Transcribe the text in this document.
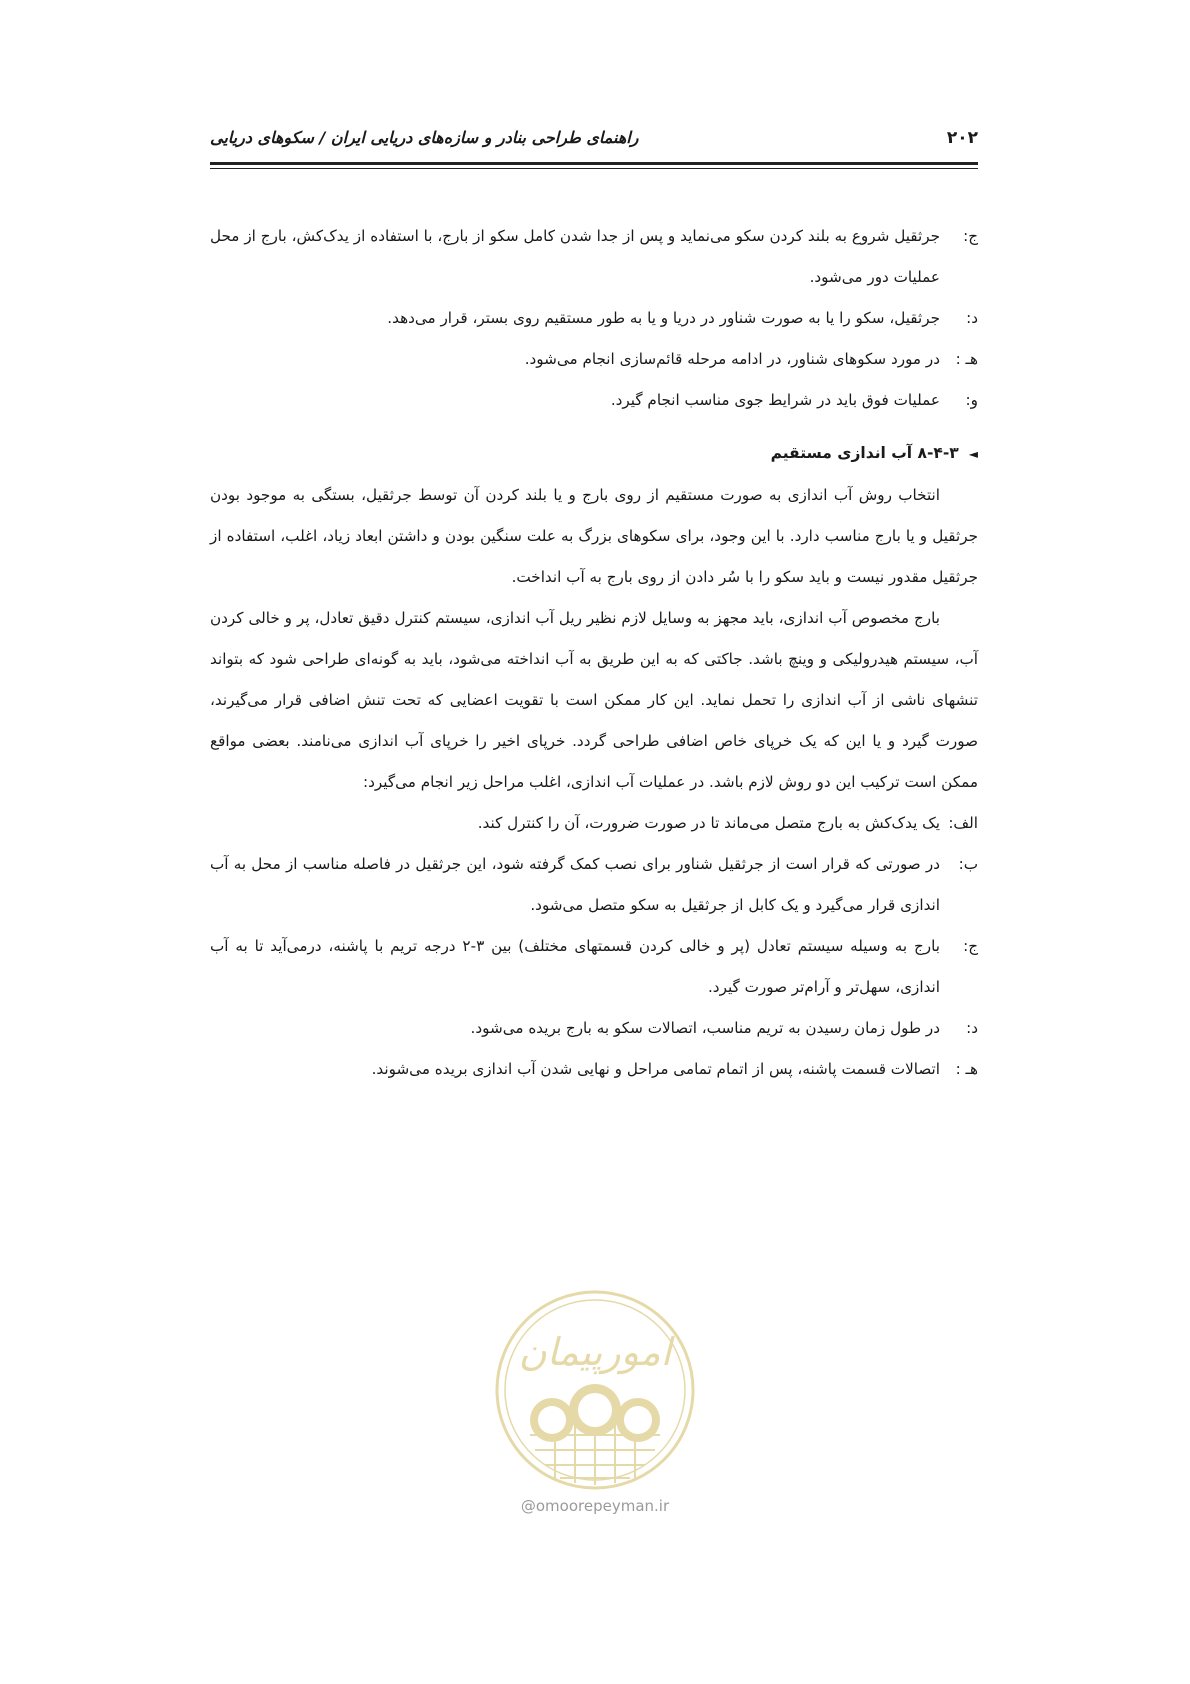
۲۰۲
راهنمای طراحی بنادر و سازه‌های دریایی ایران / سکوهای دریایی
ج:
جرثقیل شروع به بلند کردن سکو می‌نماید و پس از جدا شدن کامل سکو از بارج، با استفاده از یدک‌کش، بارج از محل عملیات دور می‌شود.
د:
جرثقیل، سکو را یا به صورت شناور در دریا و یا به طور مستقیم روی بستر، قرار می‌دهد.
هـ :
در مورد سکوهای شناور، در ادامه مرحله قائم‌سازی انجام می‌شود.
و:
عملیات فوق باید در شرایط جوی مناسب انجام گیرد.
◄۸-۴-۳ آب اندازی مستقیم

انتخاب روش آب اندازی به صورت مستقیم از روی بارج و یا بلند کردن آن توسط جرثقیل، بستگی به موجود بودن جرثقیل و یا بارج مناسب دارد. با این وجود، برای سکوهای بزرگ به علت سنگین بودن و داشتن ابعاد زیاد، اغلب، استفاده از جرثقیل مقدور نیست و باید سکو را با سُر دادن از روی بارج به آب انداخت.

بارج مخصوص آب اندازی، باید مجهز به وسایل لازم نظیر ریل آب اندازی، سیستم کنترل دقیق تعادل، پر و خالی کردن آب، سیستم هیدرولیکی و وینچ باشد. جاکتی که به این طریق به آب انداخته می‌شود، باید به گونه‌ای طراحی شود که بتواند تنشهای ناشی از آب اندازی را تحمل نماید. این کار ممکن است با تقویت اعضایی که تحت تنش اضافی قرار می‌گیرند، صورت گیرد و یا این که یک خرپای خاص اضافی طراحی گردد. خرپای اخیر را خرپای آب اندازی می‌نامند. بعضی مواقع ممکن است ترکیب این دو روش لازم باشد. در عملیات آب اندازی، اغلب مراحل زیر انجام می‌گیرد:

الف:
یک یدک‌کش به بارج متصل می‌ماند تا در صورت ضرورت، آن را کنترل کند.
ب:
در صورتی که قرار است از جرثقیل شناور برای نصب کمک گرفته شود، این جرثقیل در فاصله مناسب از محل به آب اندازی قرار می‌گیرد و یک کابل از جرثقیل به سکو متصل می‌شود.
ج:
بارج به وسیله سیستم تعادل (پر و خالی کردن قسمتهای مختلف) بین ۳-۲ درجه تریم با پاشنه، درمی‌آید تا به آب اندازی، سهل‌تر و آرام‌تر صورت گیرد.
د:
در طول زمان رسیدن به تریم مناسب، اتصالات سکو به بارج بریده می‌شود.
هـ :
اتصالات قسمت پاشنه، پس از اتمام تمامی مراحل و نهایی شدن آب اندازی بریده می‌شوند.
امورپیمان
@omoorepeyman.ir
